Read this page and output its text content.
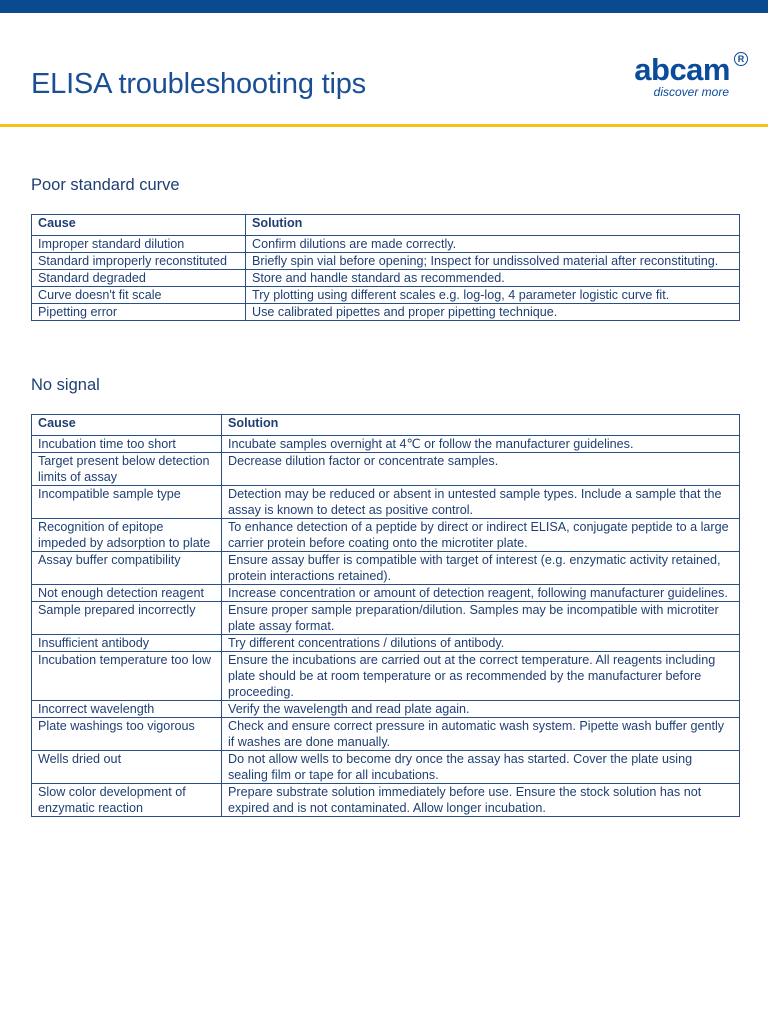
ELISA troubleshooting tips	abcam R
discover more
Poor standard curve
Cause	Solution
Improper standard dilution	Confirm dilutions are made correctly.
Standard improperly reconstituted	Briefly spin vial before opening; Inspect for undissolved material after reconstituting.
Standard degraded	Store and handle standard as recommended.
Curve doesn't fit scale	Try plotting using different scales e.g. log-log, 4 parameter logistic curve fit.
Pipetting error	Use calibrated pipettes and proper pipetting technique.
No signal
Cause	Solution
Incubation time too short	Incubate samples overnight at 4℃ or follow the manufacturer guidelines.
Target present below detection limits of assay	Decrease dilution factor or concentrate samples.
Incompatible sample type	Detection may be reduced or absent in untested sample types. Include a sample that the assay is known to detect as positive control.
Recognition of epitope impeded by adsorption to plate	To enhance detection of a peptide by direct or indirect ELISA, conjugate peptide to a large carrier protein before coating onto the microtiter plate.
Assay buffer compatibility	Ensure assay buffer is compatible with target of interest (e.g. enzymatic activity retained, protein interactions retained).
Not enough detection reagent	Increase concentration or amount of detection reagent, following manufacturer guidelines.
Sample prepared incorrectly	Ensure proper sample preparation/dilution. Samples may be incompatible with microtiter plate assay format.
Insufficient antibody	Try different concentrations / dilutions of antibody.
Incubation temperature too low	Ensure the incubations are carried out at the correct temperature. All reagents including plate should be at room temperature or as recommended by the manufacturer before proceeding.
Incorrect wavelength	Verify the wavelength and read plate again.
Plate washings too vigorous	Check and ensure correct pressure in automatic wash system. Pipette wash buffer gently if washes are done manually.
Wells dried out	Do not allow wells to become dry once the assay has started. Cover the plate using sealing film or tape for all incubations.
Slow color development of enzymatic reaction	Prepare substrate solution immediately before use. Ensure the stock solution has not expired and is not contaminated. Allow longer incubation.
